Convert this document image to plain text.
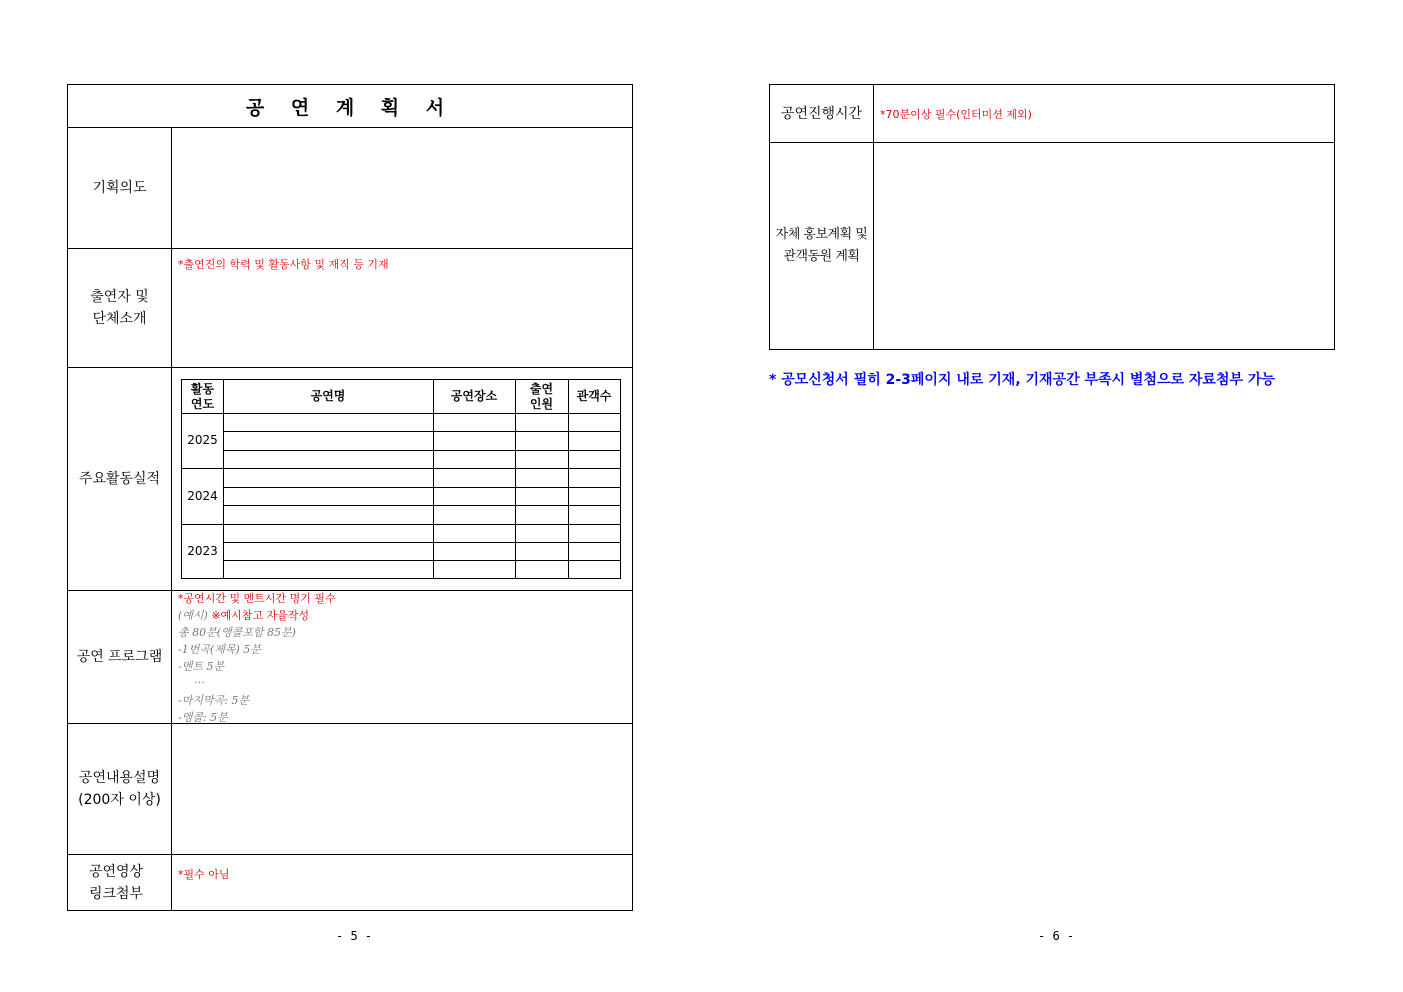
공 연 계 획 서
기획의도
출연자 및
단체소개
*출연진의 학력 및 활동사항 및 재직 등 기재
주요활동실적
활동
연도
공연명	공연장소
출연
인원
관객수
2025
2024
2023
공연 프로그램
*공연시간 및 멘트시간 명기 필수
(예시) ※예시참고 자율작성
총 80분(앵콜포함 85분)
-1번곡(제목) 5분
-멘트 5분
…
-마지막곡: 5분
-앵콜: 5분
공연내용설명
(200자 이상)
공연영상
링크첨부
*필수 아님
- 5 -
공연진행시간	*70분이상 필수(인터미션 제외)
자체 홍보계획 및
관객동원 계획
* 공모신청서 필히 2-3페이지 내로 기재, 기재공간 부족시 별첨으로 자료첨부 가능
- 6 -
